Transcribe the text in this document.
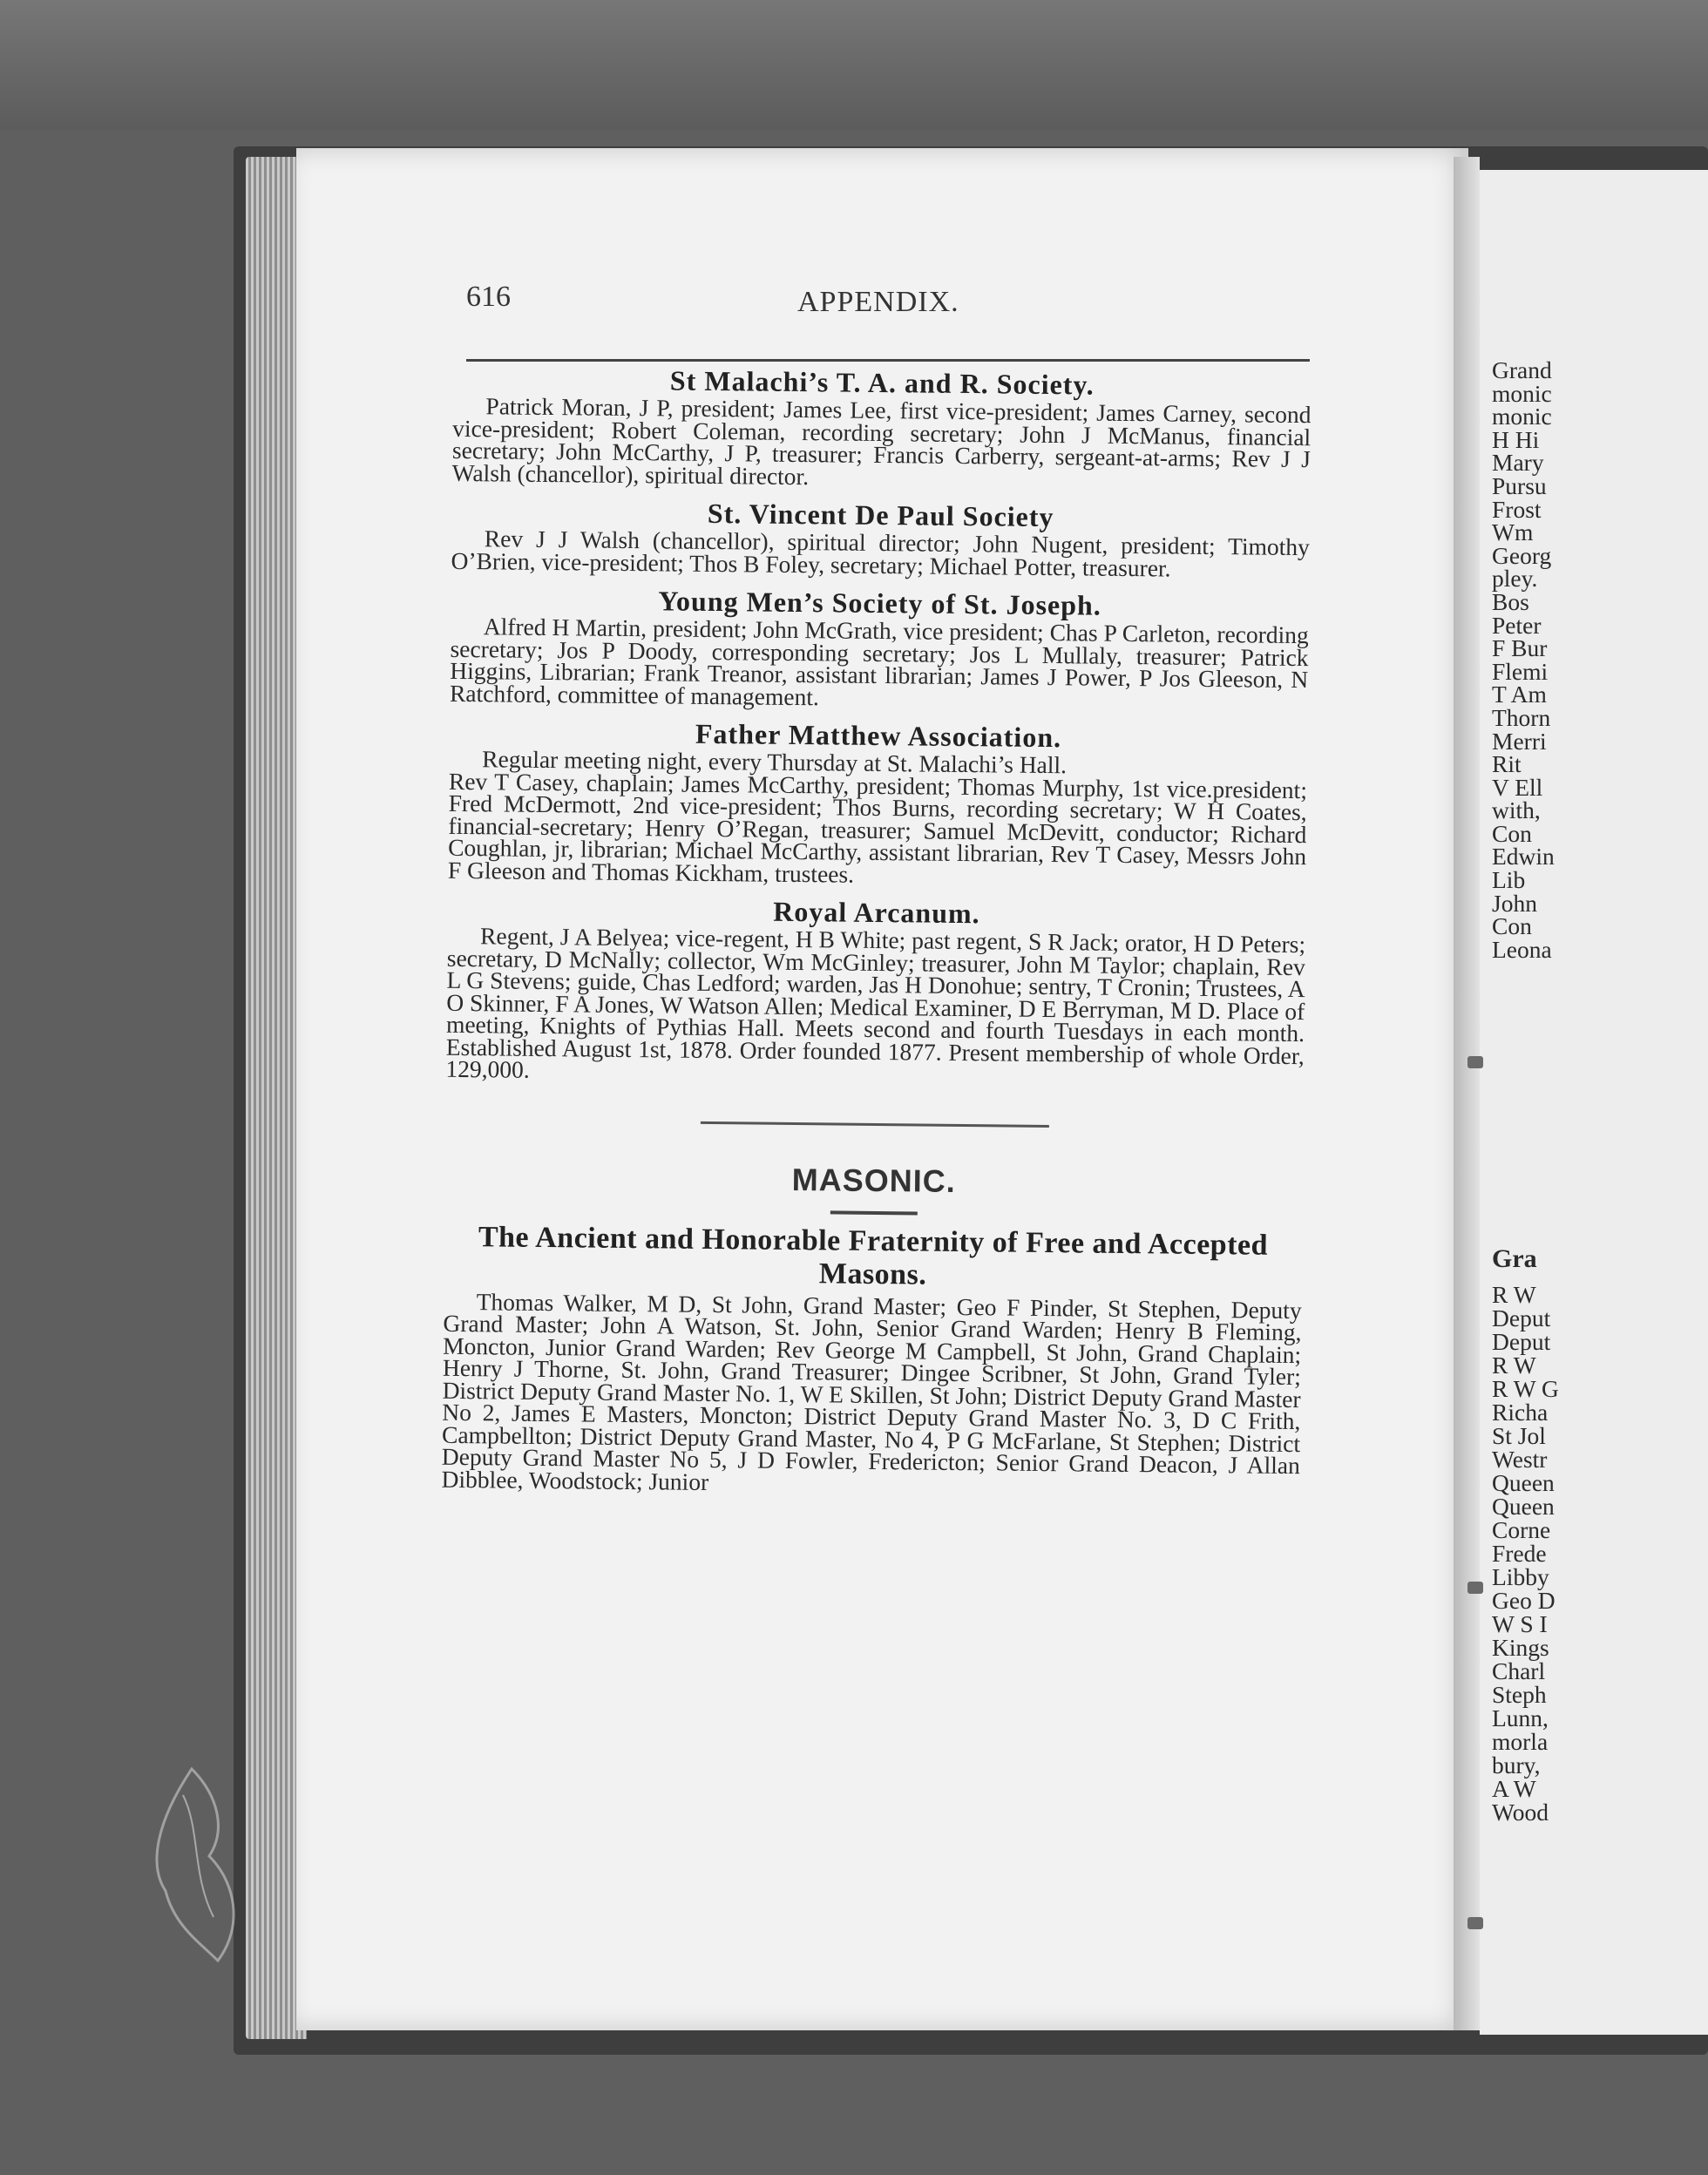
616	APPENDIX.

St Malachi’s T. A. and R. Society.

Patrick Moran, J P, president; James Lee, first vice-president; James Carney, second vice-president; Robert Coleman, recording secretary; John J McManus, financial secretary; John McCarthy, J P, treasurer; Francis Carberry, sergeant-at-arms; Rev J J Walsh (chancellor), spiritual director.

St. Vincent De Paul Society

Rev J J Walsh (chancellor), spiritual director; John Nugent, president; Timothy O’Brien, vice-president; Thos B Foley, secretary; Michael Potter, treasurer.

Young Men’s Society of St. Joseph.

Alfred H Martin, president; John McGrath, vice president; Chas P Carleton, recording secretary; Jos P Doody, corresponding secretary; Jos L Mullaly, treasurer; Patrick Higgins, Librarian; Frank Treanor, assistant librarian; James J Power, P Jos Gleeson, N Ratchford, committee of management.

Father Matthew Association.

Regular meeting night, every Thursday at St. Malachi’s Hall.
Rev T Casey, chaplain; James McCarthy, president; Thomas Murphy, 1st vice.president; Fred McDermott, 2nd vice-president; Thos Burns, recording secretary; W H Coates, financial-secretary; Henry O’Regan, treasurer; Samuel McDevitt, conductor; Richard Coughlan, jr, librarian; Michael McCarthy, assistant librarian, Rev T Casey, Messrs John F Gleeson and Thomas Kickham, trustees.

Royal Arcanum.

Regent, J A Belyea; vice-regent, H B White; past regent, S R Jack; orator, H D Peters; secretary, D McNally; collector, Wm McGinley; treasurer, John M Taylor; chaplain, Rev L G Stevens; guide, Chas Ledford; warden, Jas H Donohue; sentry, T Cronin; Trustees, A O Skinner, F A Jones, W Watson Allen; Medical Examiner, D E Berryman, M D. Place of meeting, Knights of Pythias Hall. Meets second and fourth Tuesdays in each month. Established August 1st, 1878. Order founded 1877. Present membership of whole Order, 129,000.

MASONIC.

The Ancient and Honorable Fraternity of Free and Accepted Masons.

Thomas Walker, M D, St John, Grand Master; Geo F Pinder, St Stephen, Deputy Grand Master; John A Watson, St. John, Senior Grand Warden; Henry B Fleming, Moncton, Junior Grand Warden; Rev George M Campbell, St John, Grand Chaplain; Henry J Thorne, St. John, Grand Treasurer; Dingee Scribner, St John, Grand Tyler; District Deputy Grand Master No. 1, W E Skillen, St John; District Deputy Grand Master No 2, James E Masters, Moncton; District Deputy Grand Master No. 3, D C Frith, Campbellton; District Deputy Grand Master, No 4, P G McFarlane, St Stephen; District Deputy Grand Master No 5, J D Fowler, Fredericton; Senior Grand Deacon, J Allan Dibblee, Woodstock; Junior

Grand
monic
monic
H Hi
Mary
Pursu
Frost
Wm
Georg
pley.
Bos
Peter
F Bur
Flemi
T Am
Thorn
Merri
Rit
V Ell
with,
Con
Edwin
Lib
John
Con
Leona
Gra
R W
Deput
Deput
R W
R W G
Richa
St Jol
Westr
Queen
Queen
Corne
Frede
Libby
Geo D
W S I
Kings
Charl
Steph
Lunn,
morla
bury,
A W
Wood
